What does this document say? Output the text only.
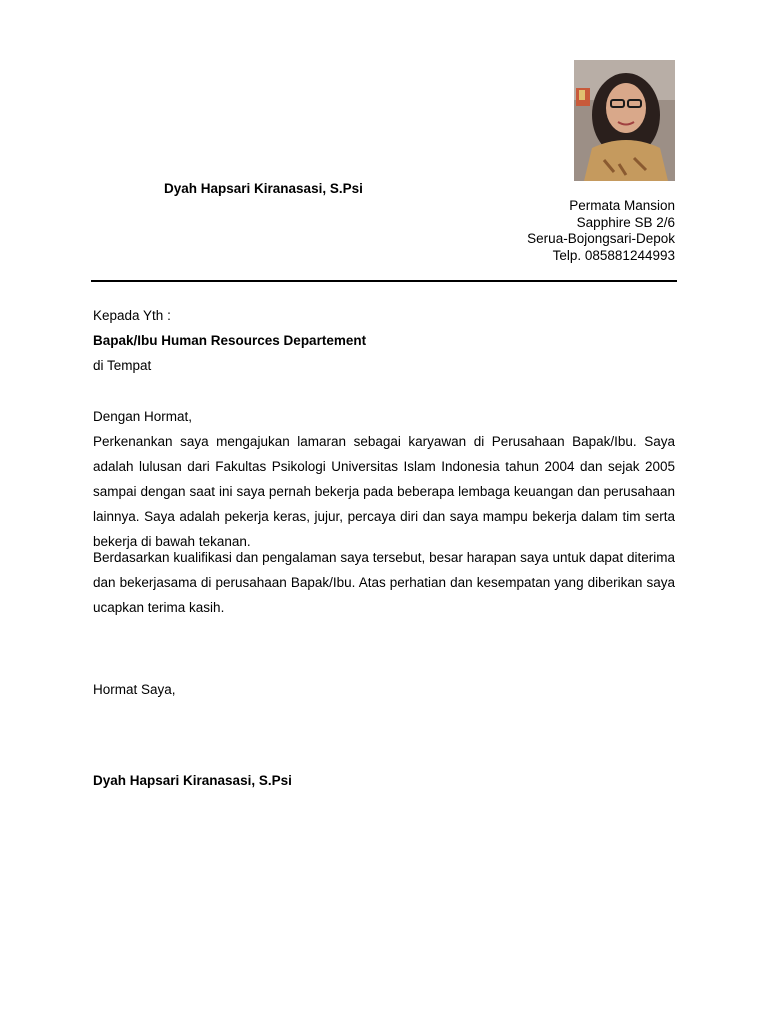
Dyah Hapsari Kiranasasi, S.Psi
Permata Mansion
Sapphire SB 2/6
Serua-Bojongsari-Depok
Telp. 085881244993
Kepada Yth :
Bapak/Ibu Human Resources Departement
di Tempat
Dengan Hormat,
Perkenankan saya mengajukan lamaran sebagai karyawan di Perusahaan Bapak/Ibu. Saya adalah lulusan dari Fakultas Psikologi Universitas Islam Indonesia tahun 2004 dan sejak 2005 sampai dengan saat ini saya pernah bekerja pada beberapa lembaga keuangan dan perusahaan lainnya. Saya adalah pekerja keras, jujur, percaya diri dan saya mampu bekerja dalam tim serta bekerja di bawah tekanan.
Berdasarkan kualifikasi dan pengalaman saya tersebut, besar harapan saya untuk dapat diterima dan bekerjasama di perusahaan Bapak/Ibu. Atas perhatian dan kesempatan yang diberikan saya ucapkan terima kasih.
Hormat Saya,
Dyah Hapsari Kiranasasi, S.Psi
